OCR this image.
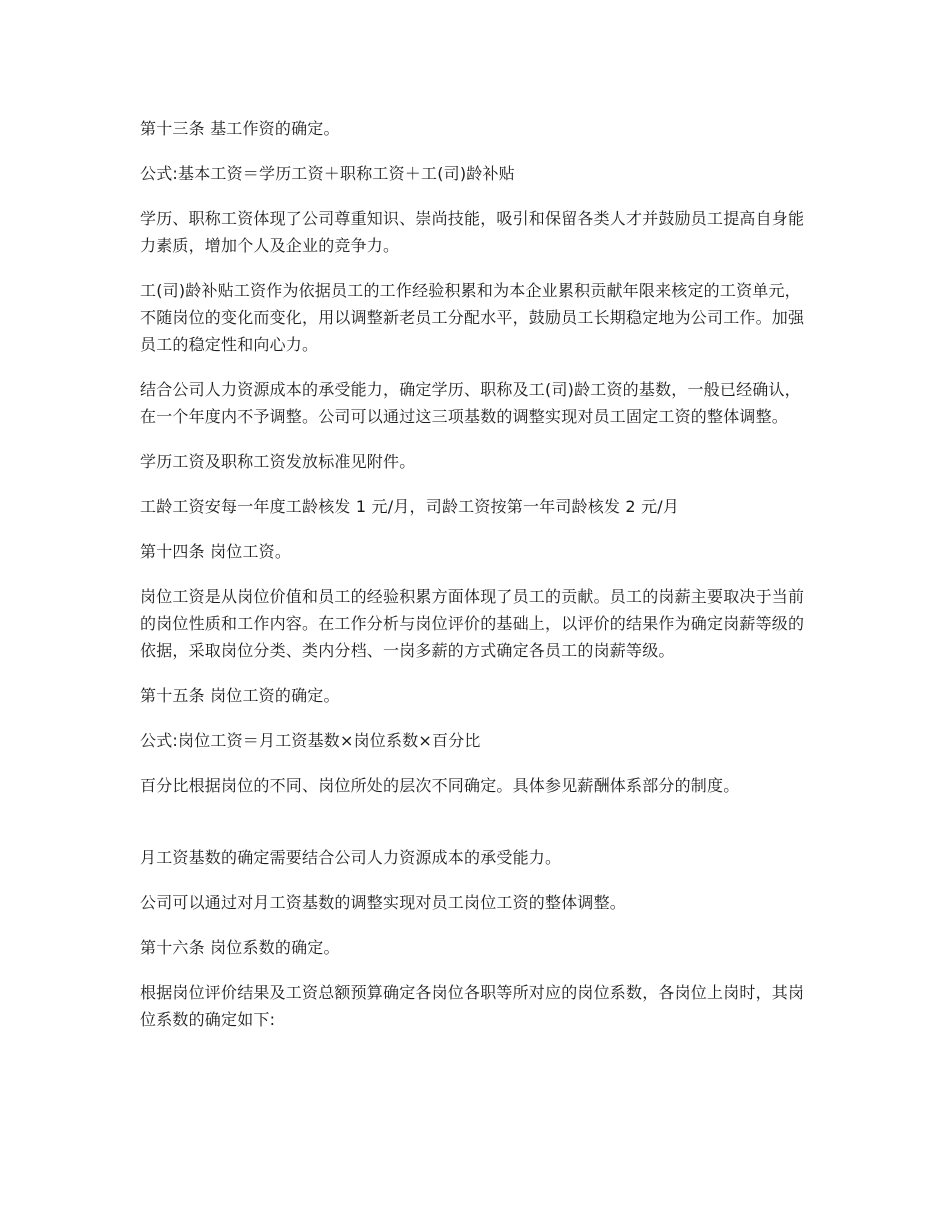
第十三条 基工作资的确定。

公式:基本工资＝学历工资＋职称工资＋工(司)龄补贴

学历、职称工资体现了公司尊重知识、崇尚技能，吸引和保留各类人才并鼓励员工提高自身能力素质，增加个人及企业的竞争力。

工(司)龄补贴工资作为依据员工的工作经验积累和为本企业累积贡献年限来核定的工资单元，不随岗位的变化而变化，用以调整新老员工分配水平，鼓励员工长期稳定地为公司工作。加强员工的稳定性和向心力。

结合公司人力资源成本的承受能力，确定学历、职称及工(司)龄工资的基数，一般已经确认，在一个年度内不予调整。公司可以通过这三项基数的调整实现对员工固定工资的整体调整。

学历工资及职称工资发放标准见附件。

工龄工资安每一年度工龄核发 1 元/月，司龄工资按第一年司龄核发 2 元/月

第十四条 岗位工资。

岗位工资是从岗位价值和员工的经验积累方面体现了员工的贡献。员工的岗薪主要取决于当前的岗位性质和工作内容。在工作分析与岗位评价的基础上，以评价的结果作为确定岗薪等级的依据，采取岗位分类、类内分档、一岗多薪的方式确定各员工的岗薪等级。

第十五条 岗位工资的确定。

公式:岗位工资＝月工资基数×岗位系数×百分比

百分比根据岗位的不同、岗位所处的层次不同确定。具体参见薪酬体系部分的制度。

月工资基数的确定需要结合公司人力资源成本的承受能力。

公司可以通过对月工资基数的调整实现对员工岗位工资的整体调整。

第十六条 岗位系数的确定。

根据岗位评价结果及工资总额预算确定各岗位各职等所对应的岗位系数，各岗位上岗时，其岗位系数的确定如下:
